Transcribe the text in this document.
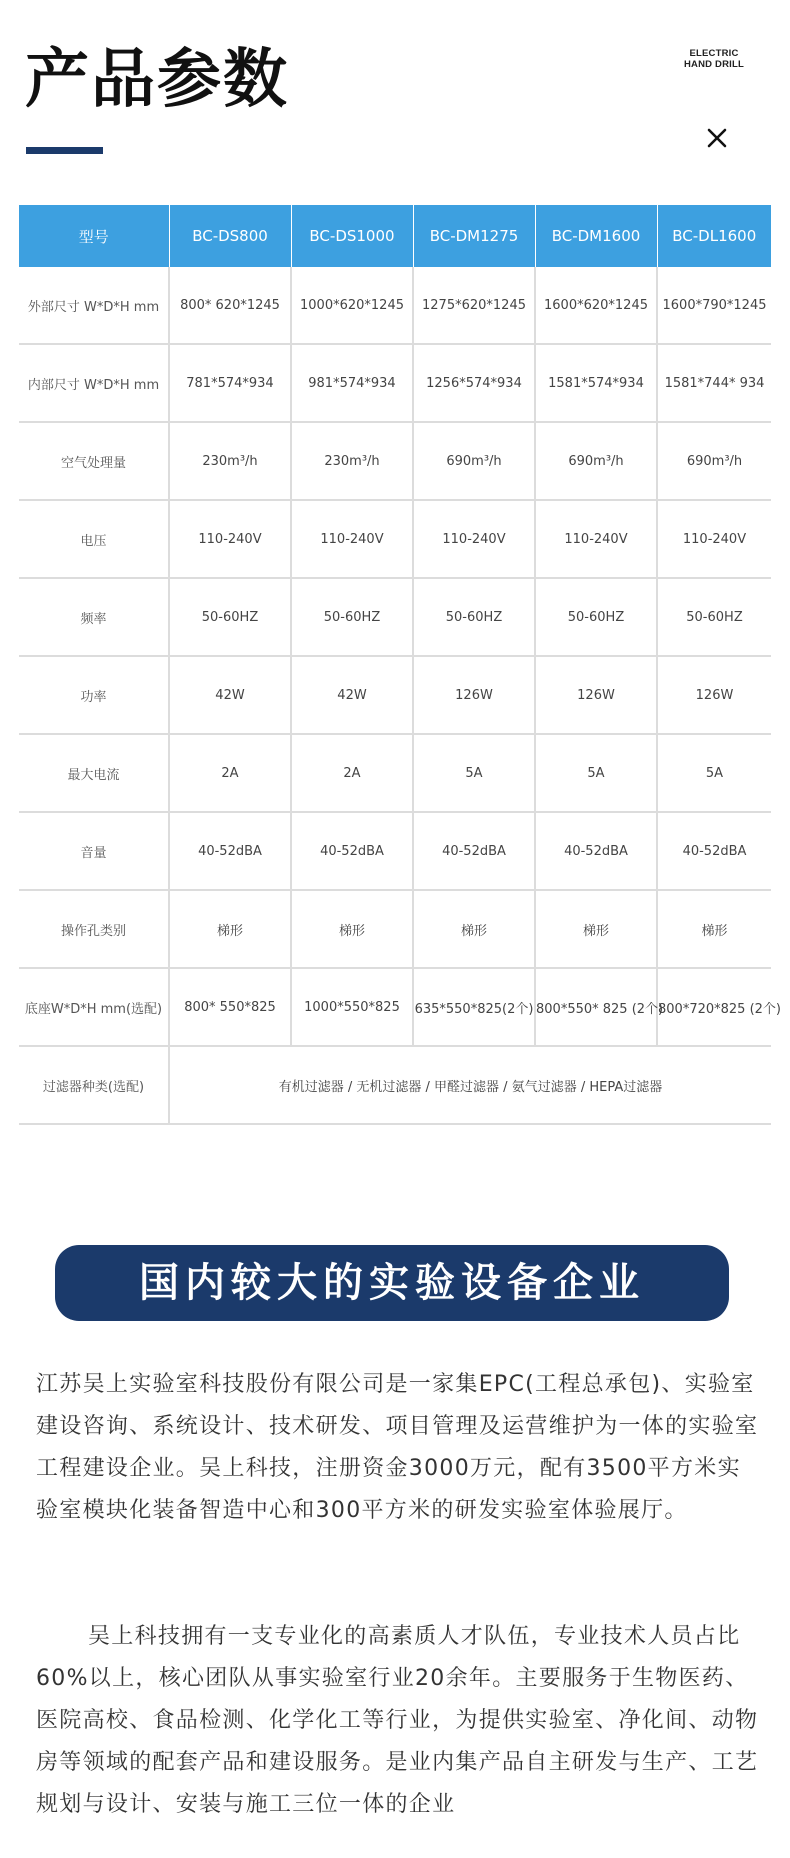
产品参数	ELECTRIC
HAND DRILL
型号	BC-DS800	BC-DS1000	BC-DM1275	BC-DM1600	BC-DL1600
外部尺寸 W*D*H mm	800* 620*1245	1000*620*1245	1275*620*1245	1600*620*1245	1600*790*1245
内部尺寸 W*D*H mm	781*574*934	981*574*934	1256*574*934	1581*574*934	1581*744* 934
空气处理量	230m³/h	230m³/h	690m³/h	690m³/h	690m³/h
电压	110-240V	110-240V	110-240V	110-240V	110-240V
频率	50-60HZ	50-60HZ	50-60HZ	50-60HZ	50-60HZ
功率	42W	42W	126W	126W	126W
最大电流	2A	2A	5A	5A	5A
音量	40-52dBA	40-52dBA	40-52dBA	40-52dBA	40-52dBA
操作孔类别	梯形	梯形	梯形	梯形	梯形
底座W*D*H mm(选配)	800* 550*825	1000*550*825	635*550*825(2个)	800*550* 825 (2个)	800*720*825 (2个)
过滤器种类(选配)	有机过滤器 / 无机过滤器 / 甲醛过滤器 / 氨气过滤器 / HEPA过滤器				
国内较大的实验设备企业

江苏吴上实验室科技股份有限公司是一家集EPC(工程总承包)、实验室建设咨询、系统设计、技术研发、项目管理及运营维护为一体的实验室工程建设企业。吴上科技，注册资金3000万元，配有3500平方米实验室模块化装备智造中心和300平方米的研发实验室体验展厅。

吴上科技拥有一支专业化的高素质人才队伍，专业技术人员占比60%以上，核心团队从事实验室行业20余年。主要服务于生物医药、医院高校、食品检测、化学化工等行业，为提供实验室、净化间、动物房等领域的配套产品和建设服务。是业内集产品自主研发与生产、工艺规划与设计、安装与施工三位一体的企业
